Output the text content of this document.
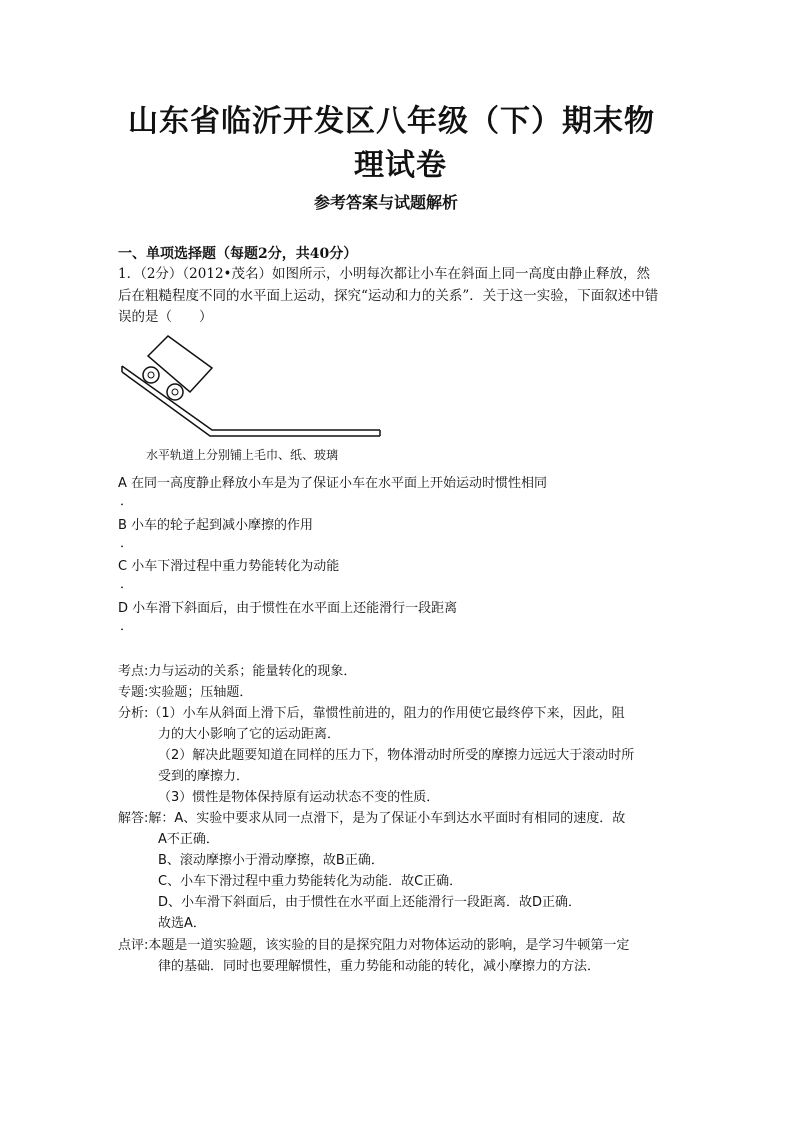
山东省临沂开发区八年级（下）期末物
理试卷
参考答案与试题解析
一、单项选择题（每题2分，共40分）
1．（2分）（2012•茂名）如图所示，小明每次都让小车在斜面上同一高度由静止释放，然
后在粗糙程度不同的水平面上运动，探究“运动和力的关系”．关于这一实验，下面叙述中错
误的是（　　）
水平轨道上分别铺上毛巾、纸、玻璃
A 在同一高度静止释放小车是为了保证小车在水平面上开始运动时惯性相同
．
B 小车的轮子起到减小摩擦的作用
．
C 小车下滑过程中重力势能转化为动能
．
D 小车滑下斜面后，由于惯性在水平面上还能滑行一段距离
．
考点:力与运动的关系；能量转化的现象．
专题:实验题；压轴题．
分析:（1）小车从斜面上滑下后，靠惯性前进的，阻力的作用使它最终停下来，因此，阻
力的大小影响了它的运动距离．
（2）解决此题要知道在同样的压力下，物体滑动时所受的摩擦力远远大于滚动时所
受到的摩擦力．
（3）惯性是物体保持原有运动状态不变的性质．
解答:解：A、实验中要求从同一点滑下，是为了保证小车到达水平面时有相同的速度．故
A不正确．
B、滚动摩擦小于滑动摩擦，故B正确．
C、小车下滑过程中重力势能转化为动能．故C正确．
D、小车滑下斜面后，由于惯性在水平面上还能滑行一段距离．故D正确．
故选A．
点评:本题是一道实验题，该实验的目的是探究阻力对物体运动的影响，是学习牛顿第一定
律的基础．同时也要理解惯性，重力势能和动能的转化，减小摩擦力的方法．
